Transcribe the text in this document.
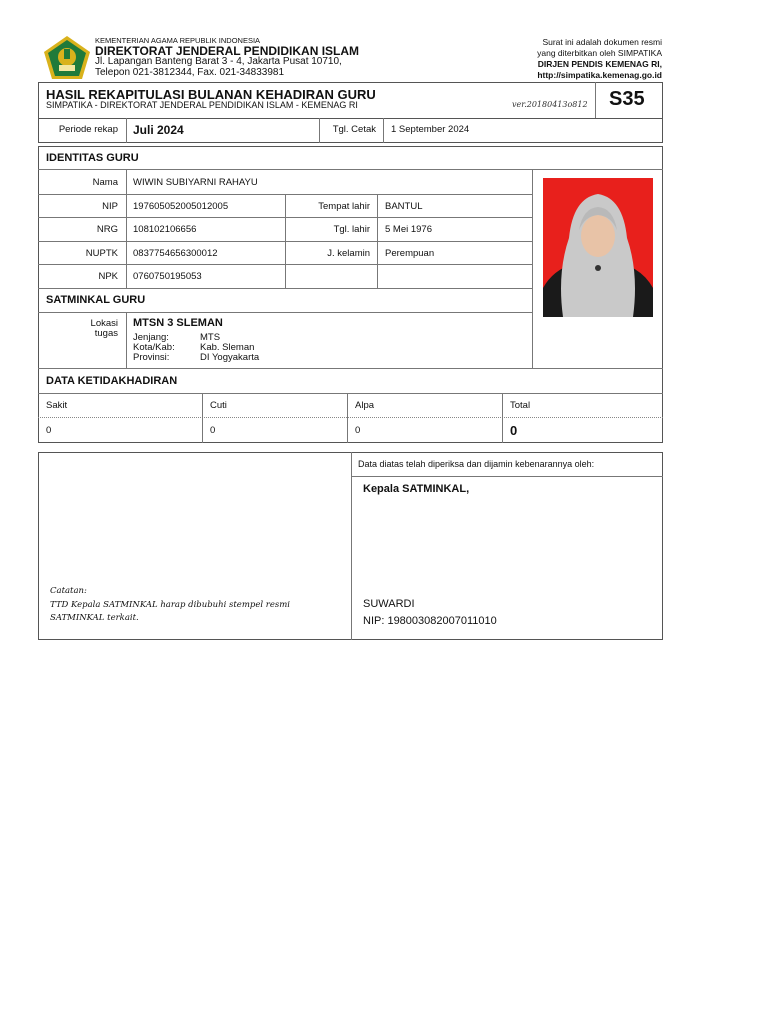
KEMENTERIAN AGAMA REPUBLIK INDONESIA
DIREKTORAT JENDERAL PENDIDIKAN ISLAM
Jl. Lapangan Banteng Barat 3 - 4, Jakarta Pusat 10710,
Telepon 021-3812344, Fax. 021-34833981
Surat ini adalah dokumen resmi
yang diterbitkan oleh SIMPATIKA
DIRJEN PENDIS KEMENAG RI,
http://simpatika.kemenag.go.id
HASIL REKAPITULASI BULANAN KEHADIRAN GURU
SIMPATIKA - DIREKTORAT JENDERAL PENDIDIKAN ISLAM - KEMENAG RI	ver.20180413o812 S35
Periode rekap Juli 2024	Tgl. Cetak 1 September 2024
IDENTITAS GURU
Nama WIWIN SUBIYARNI RAHAYU
NIP 197605052005012005	Tempat lahir BANTUL
NRG 108102106656	Tgl. lahir 5 Mei 1976
NUPTK 0837754656300012	J. kelamin Perempuan
NPK 0760750195053
SATMINKAL GURU
Lokasi
tugas
MTSN 3 SLEMAN
Jenjang:	MTS
Kota/Kab:	Kab. Sleman
Provinsi:	DI Yogyakarta
DATA KETIDAKHADIRAN
Sakit	Cuti	Alpa	Total
0	0	0	0
Catatan:
TTD Kepala SATMINKAL harap dibubuhi stempel resmi
SATMINKAL terkait.
Data diatas telah diperiksa dan dijamin kebenarannya oleh:
Kepala SATMINKAL,
SUWARDI
NIP: 198003082007011010
